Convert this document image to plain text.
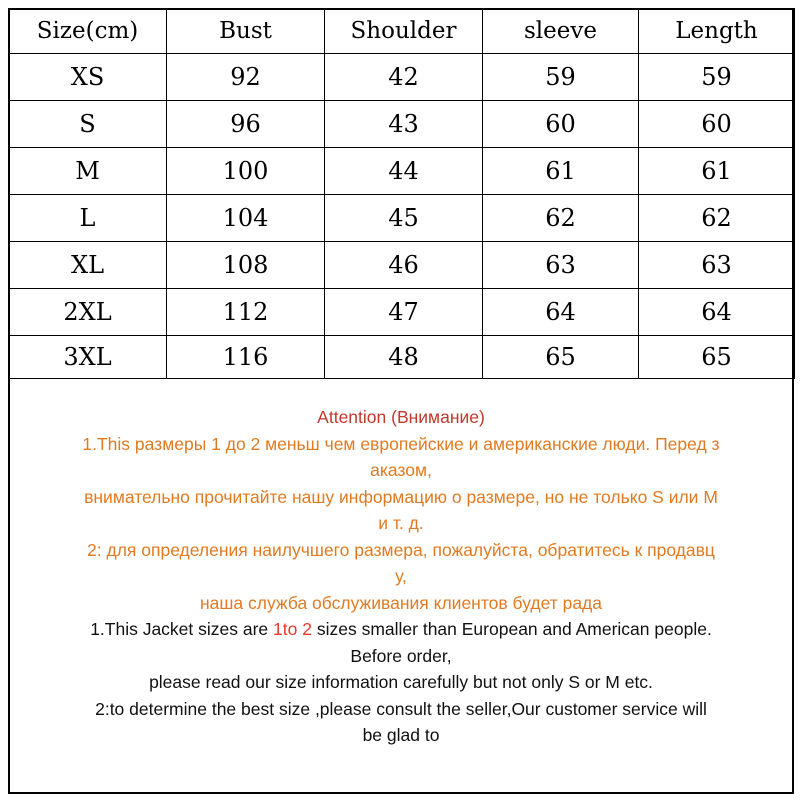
Size(cm)	Bust	Shoulder	sleeve	Length
XS	92	42	59	59
S	96	43	60	60
M	100	44	61	61
L	104	45	62	62
XL	108	46	63	63
2XL	112	47	64	64
3XL	116	48	65	65

Attention (Внимание)

1.This размеры 1 до 2 меньш чем европейские и американские люди. Перед з

аказом,

внимательно прочитайте нашу информацию о размере, но не только S или M

и т. д.

2: для определения наилучшего размера, пожалуйста, обратитесь к продавц

у,

наша служба обслуживания клиентов будет рада

1.This Jacket sizes are 1to 2 sizes smaller than European and American people.

Before order,

please read our size information carefully but not only S or M etc.

2:to determine the best size ,please consult the seller,Our customer service will

be glad to
